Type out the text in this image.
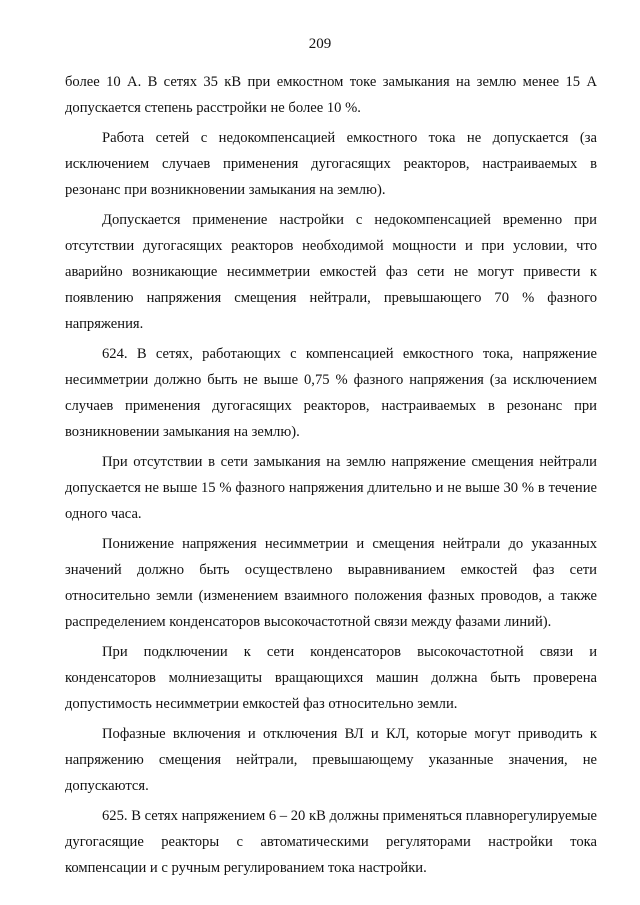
209

более 10 А. В сетях 35 кВ при емкостном токе замыкания на землю менее 15 А допускается степень расстройки не более 10 %.

Работа сетей с недокомпенсацией емкостного тока не допускается (за исключением случаев применения дугогасящих реакторов, настраиваемых в резонанс при возникновении замыкания на землю).

Допускается применение настройки с недокомпенсацией временно при отсутствии дугогасящих реакторов необходимой мощности и при условии, что аварийно возникающие несимметрии емкостей фаз сети не могут привести к появлению напряжения смещения нейтрали, превышающего 70 % фазного напряжения.

624. В сетях, работающих с компенсацией емкостного тока, напряжение несимметрии должно быть не выше 0,75 % фазного напряжения (за исключением случаев применения дугогасящих реакторов, настраиваемых в резонанс при возникновении замыкания на землю).

При отсутствии в сети замыкания на землю напряжение смещения нейтрали допускается не выше 15 % фазного напряжения длительно и не выше 30 % в течение одного часа.

Понижение напряжения несимметрии и смещения нейтрали до указанных значений должно быть осуществлено выравниванием емкостей фаз сети относительно земли (изменением взаимного положения фазных проводов, а также распределением конденсаторов высокочастотной связи между фазами линий).

При подключении к сети конденсаторов высокочастотной связи и конденсаторов молниезащиты вращающихся машин должна быть проверена допустимость несимметрии емкостей фаз относительно земли.

Пофазные включения и отключения ВЛ и КЛ, которые могут приводить к напряжению смещения нейтрали, превышающему указанные значения, не допускаются.

625. В сетях напряжением 6 – 20 кВ должны применяться плавнорегулируемые дугогасящие реакторы с автоматическими регуляторами настройки тока компенсации и с ручным регулированием тока настройки.
